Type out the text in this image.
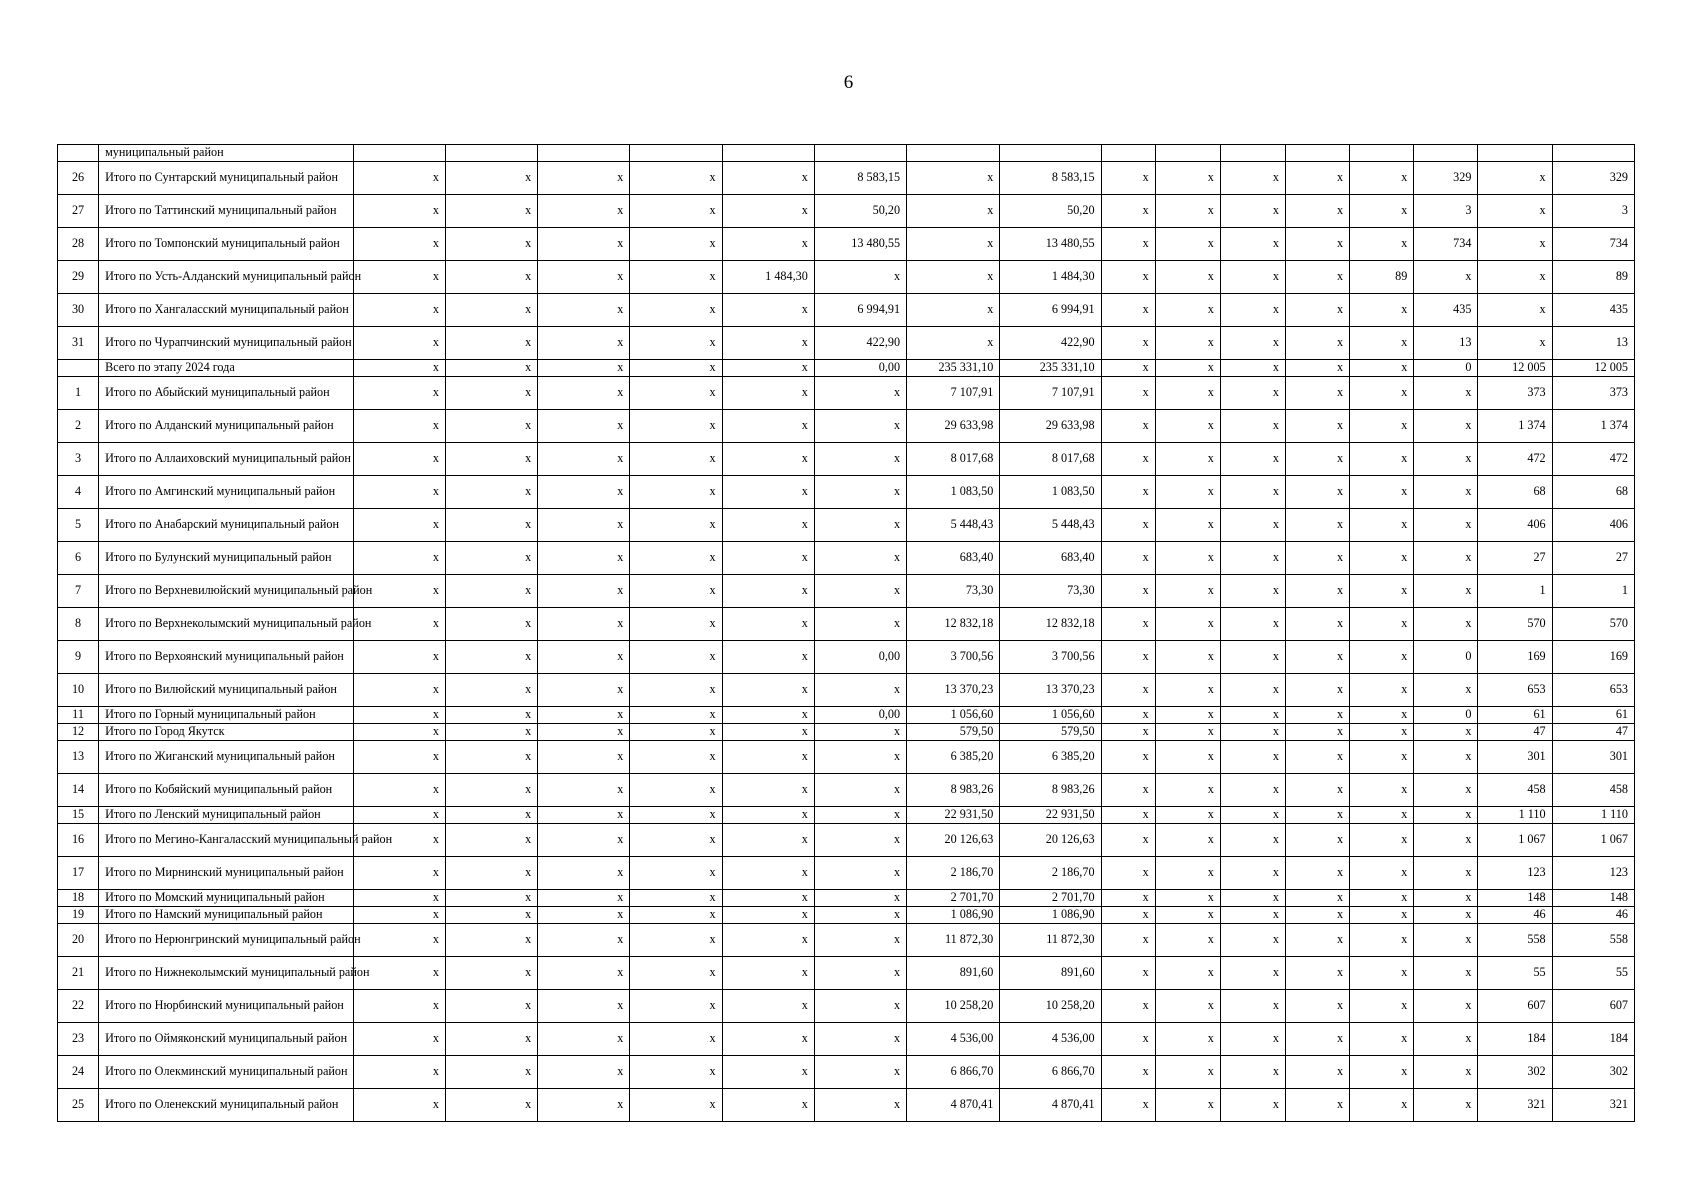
6
	муниципальный район																
26	Итого по Сунтарский муниципальный район	x	x	x	x	x	8 583,15	x	8 583,15	x	x	x	x	x	329	x	329
27	Итого по Таттинский муниципальный район	x	x	x	x	x	50,20	x	50,20	x	x	x	x	x	3	x	3
28	Итого по Томпонский муниципальный район	x	x	x	x	x	13 480,55	x	13 480,55	x	x	x	x	x	734	x	734
29	Итого по Усть-Алданский муниципальный район	x	x	x	x	1 484,30	x	x	1 484,30	x	x	x	x	89	x	x	89
30	Итого по Хангаласский муниципальный район	x	x	x	x	x	6 994,91	x	6 994,91	x	x	x	x	x	435	x	435
31	Итого по Чурапчинский муниципальный район	x	x	x	x	x	422,90	x	422,90	x	x	x	x	x	13	x	13
	Всего по этапу 2024 года	x	x	x	x	x	0,00	235 331,10	235 331,10	x	x	x	x	x	0	12 005	12 005
1	Итого по Абыйский муниципальный район	x	x	x	x	x	x	7 107,91	7 107,91	x	x	x	x	x	x	373	373
2	Итого по Алданский муниципальный район	x	x	x	x	x	x	29 633,98	29 633,98	x	x	x	x	x	x	1 374	1 374
3	Итого по Аллаиховский муниципальный район	x	x	x	x	x	x	8 017,68	8 017,68	x	x	x	x	x	x	472	472
4	Итого по Амгинский муниципальный район	x	x	x	x	x	x	1 083,50	1 083,50	x	x	x	x	x	x	68	68
5	Итого по Анабарский муниципальный район	x	x	x	x	x	x	5 448,43	5 448,43	x	x	x	x	x	x	406	406
6	Итого по Булунский муниципальный район	x	x	x	x	x	x	683,40	683,40	x	x	x	x	x	x	27	27
7	Итого по Верхневилюйский муниципальный район	x	x	x	x	x	x	73,30	73,30	x	x	x	x	x	x	1	1
8	Итого по Верхнеколымский муниципальный район	x	x	x	x	x	x	12 832,18	12 832,18	x	x	x	x	x	x	570	570
9	Итого по Верхоянский муниципальный район	x	x	x	x	x	0,00	3 700,56	3 700,56	x	x	x	x	x	0	169	169
10	Итого по Вилюйский муниципальный район	x	x	x	x	x	x	13 370,23	13 370,23	x	x	x	x	x	x	653	653
11	Итого по Горный муниципальный район	x	x	x	x	x	0,00	1 056,60	1 056,60	x	x	x	x	x	0	61	61
12	Итого по Город Якутск	x	x	x	x	x	x	579,50	579,50	x	x	x	x	x	x	47	47
13	Итого по Жиганский муниципальный район	x	x	x	x	x	x	6 385,20	6 385,20	x	x	x	x	x	x	301	301
14	Итого по Кобяйский муниципальный район	x	x	x	x	x	x	8 983,26	8 983,26	x	x	x	x	x	x	458	458
15	Итого по Ленский муниципальный район	x	x	x	x	x	x	22 931,50	22 931,50	x	x	x	x	x	x	1 110	1 110
16	Итого по Мегино-Кангаласский муниципальный район	x	x	x	x	x	x	20 126,63	20 126,63	x	x	x	x	x	x	1 067	1 067
17	Итого по Мирнинский муниципальный район	x	x	x	x	x	x	2 186,70	2 186,70	x	x	x	x	x	x	123	123
18	Итого по Момский муниципальный район	x	x	x	x	x	x	2 701,70	2 701,70	x	x	x	x	x	x	148	148
19	Итого по Намский муниципальный район	x	x	x	x	x	x	1 086,90	1 086,90	x	x	x	x	x	x	46	46
20	Итого по Нерюнгринский муниципальный район	x	x	x	x	x	x	11 872,30	11 872,30	x	x	x	x	x	x	558	558
21	Итого по Нижнеколымский муниципальный район	x	x	x	x	x	x	891,60	891,60	x	x	x	x	x	x	55	55
22	Итого по Нюрбинский муниципальный район	x	x	x	x	x	x	10 258,20	10 258,20	x	x	x	x	x	x	607	607
23	Итого по Оймяконский муниципальный район	x	x	x	x	x	x	4 536,00	4 536,00	x	x	x	x	x	x	184	184
24	Итого по Олекминский муниципальный район	x	x	x	x	x	x	6 866,70	6 866,70	x	x	x	x	x	x	302	302
25	Итого по Оленекский муниципальный район	x	x	x	x	x	x	4 870,41	4 870,41	x	x	x	x	x	x	321	321
